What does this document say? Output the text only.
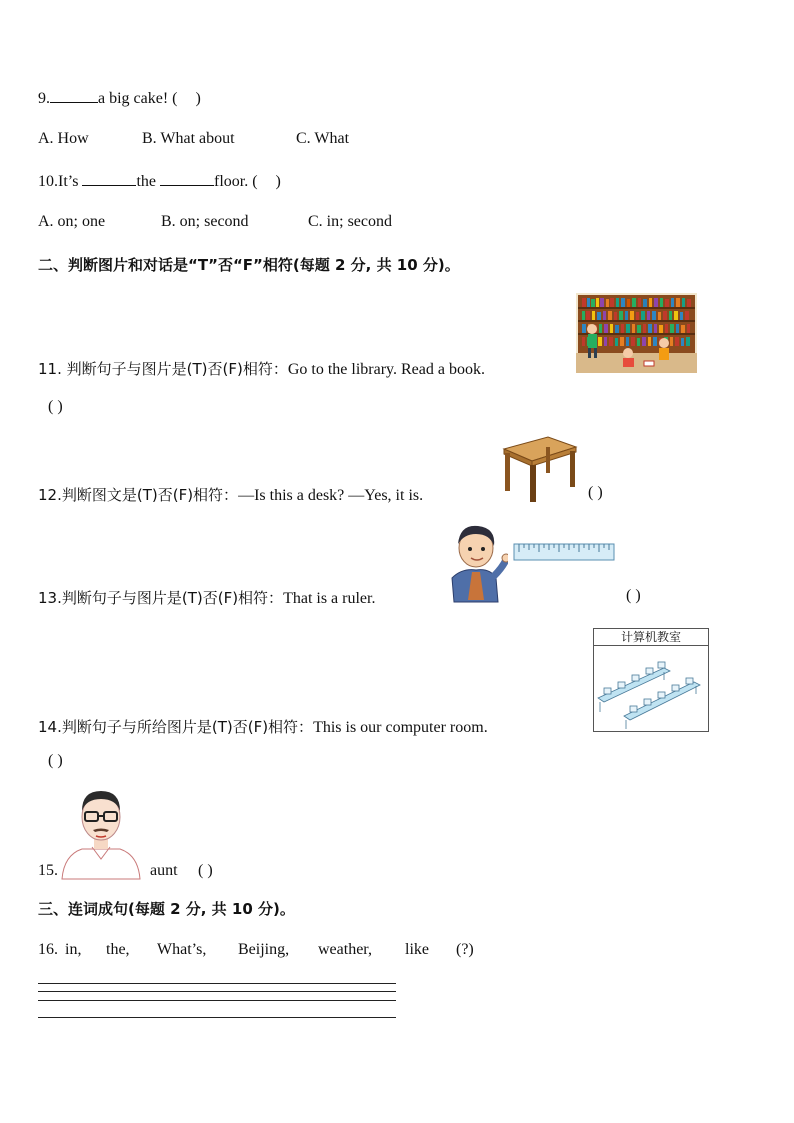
9.	a big cake! ( )
A. How	B. What about	C. What
10.It’s	the	floor. ( )
A. on; one	B. on; second	C. in; second
二、判断图片和对话是“T”否“F”相符(每题 2 分, 共 10 分)。
11. 判断句子与图片是(T)否(F)相符：Go to the library. Read a book.
( )
12.判断图文是(T)否(F)相符：—Is this a desk? —Yes, it is.	( )
13.判断句子与图片是(T)否(F)相符：That is a ruler.	( )
14.判断句子与所给图片是(T)否(F)相符：This is our computer room.
计算机教室
( )
15.	aunt ( )
三、连词成句(每题 2 分, 共 10 分)。
16. in, the, What’s, Beijing, weather, like (?)
